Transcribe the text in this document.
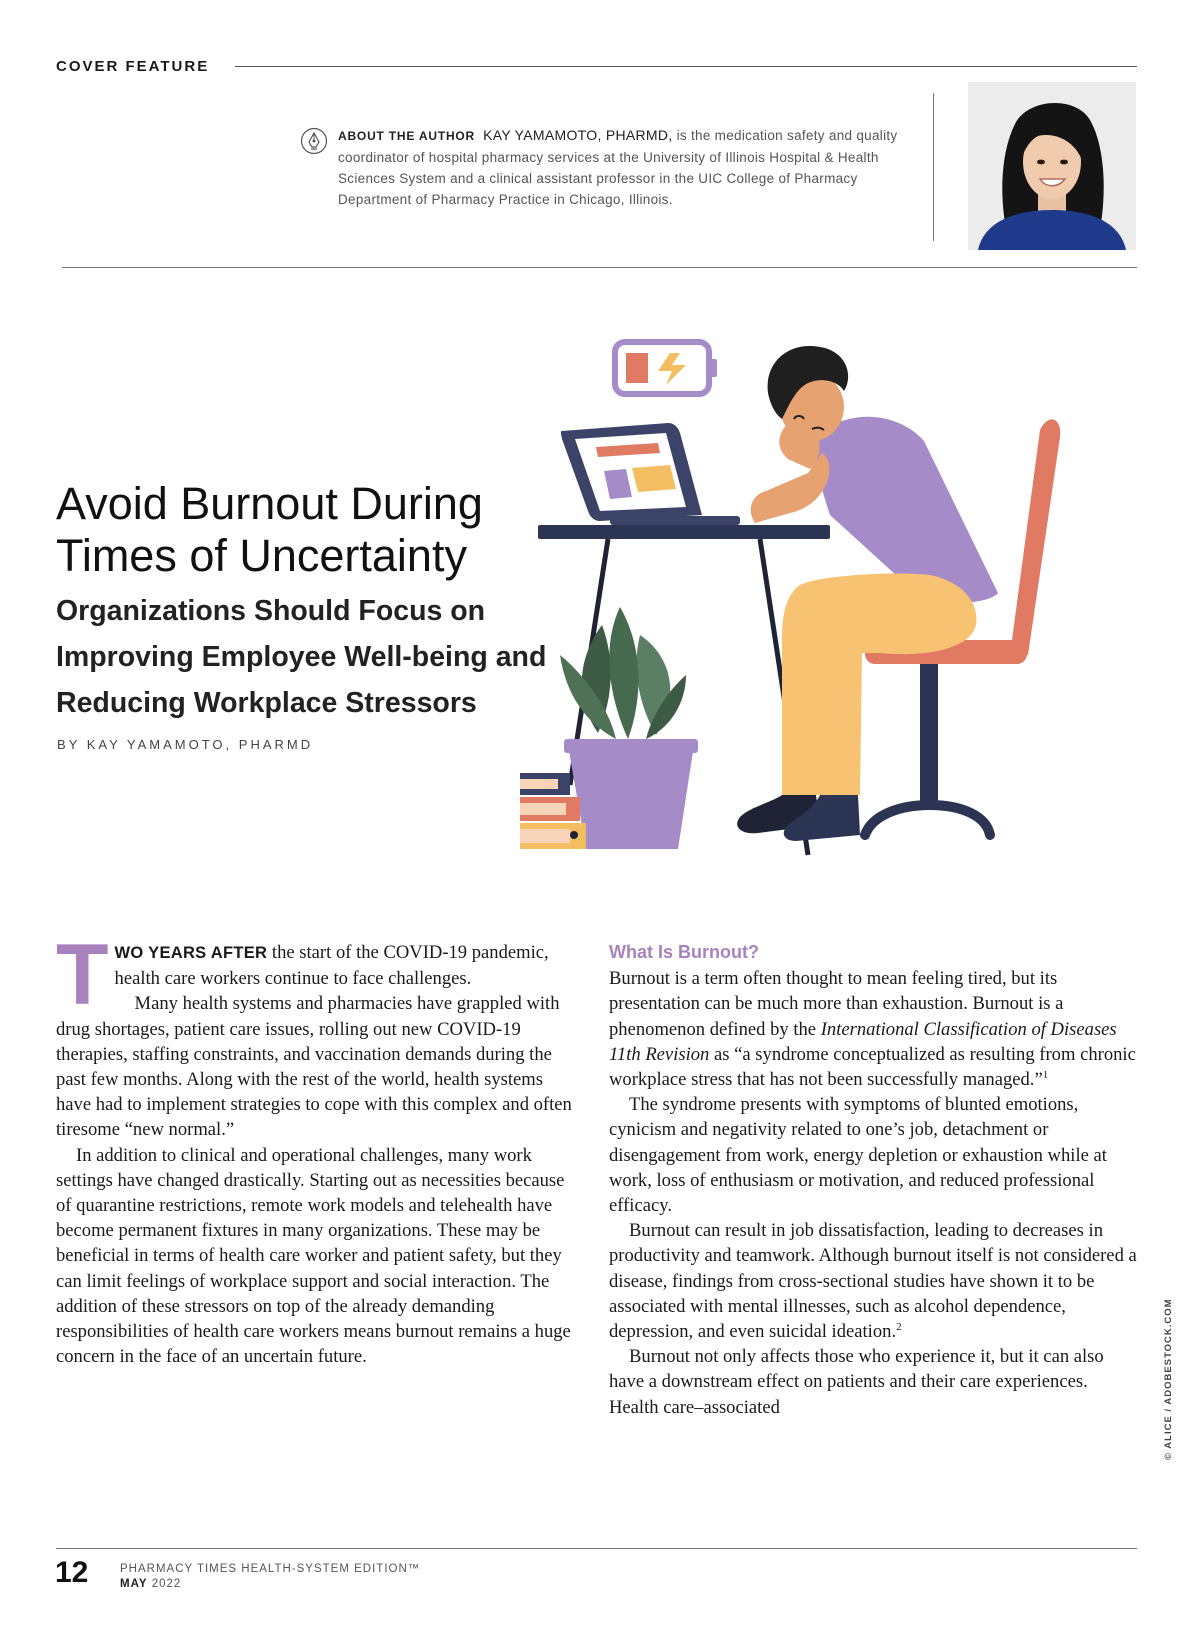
COVER FEATURE
ABOUT THE AUTHOR KAY YAMAMOTO, PHARMD, is the medication safety and quality coordinator of hospital pharmacy services at the University of Illinois Hospital & Health Sciences System and a clinical assistant professor in the UIC College of Pharmacy Department of Pharmacy Practice in Chicago, Illinois.
Avoid Burnout During Times of Uncertainty
Organizations Should Focus on Improving Employee Well-being and Reducing Workplace Stressors
BY KAY YAMAMOTO, PHARMD

TWO YEARS AFTER the start of the COVID-19 pandemic, health care workers continue to face challenges.

Many health systems and pharmacies have grappled with drug shortages, patient care issues, rolling out new COVID-19 therapies, staffing constraints, and vaccination demands during the past few months. Along with the rest of the world, health systems have had to implement strategies to cope with this complex and often tiresome “new normal.”

In addition to clinical and operational challenges, many work settings have changed drastically. Starting out as necessities because of quarantine restrictions, remote work models and telehealth have become permanent fixtures in many organizations. These may be beneficial in terms of health care worker and patient safety, but they can limit feelings of workplace support and social interaction. The addition of these stressors on top of the already demanding responsibilities of health care workers means burnout remains a huge concern in the face of an uncertain future.

What Is Burnout?

Burnout is a term often thought to mean feeling tired, but its presentation can be much more than exhaustion. Burnout is a phenomenon defined by the International Classification of Diseases 11th Revision as “a syndrome conceptualized as resulting from chronic workplace stress that has not been successfully managed.”$^1$

The syndrome presents with symptoms of blunted emotions, cynicism and negativity related to one’s job, detachment or disengagement from work, energy depletion or exhaustion while at work, loss of enthusiasm or motivation, and reduced professional efficacy.

Burnout can result in job dissatisfaction, leading to decreases in productivity and teamwork. Although burnout itself is not considered a disease, findings from cross-sectional studies have shown it to be associated with mental illnesses, such as alcohol dependence, depression, and even suicidal ideation.$^2$

Burnout not only affects those who experience it, but it can also have a downstream effect on patients and their care experiences. Health care–associated	© ALICE / ADOBESTOCK.COM
12	PHARMACY TIMES HEALTH-SYSTEM EDITION™
MAY 2022
